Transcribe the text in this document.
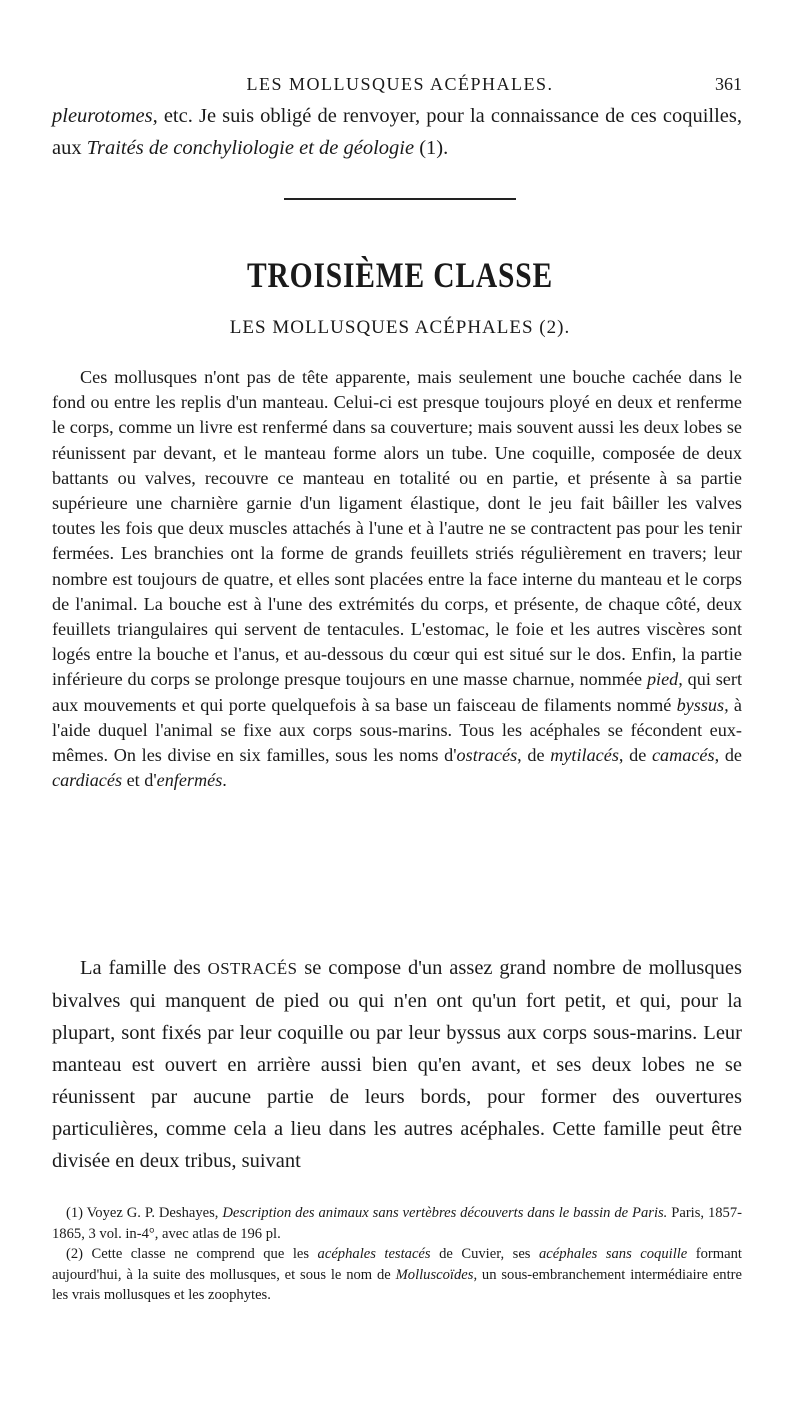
LES MOLLUSQUES ACÉPHALES.	361
pleurotomes, etc. Je suis obligé de renvoyer, pour la connaissance de ces coquilles, aux Traités de conchyliologie et de géologie (1).
TROISIÈME CLASSE
LES MOLLUSQUES ACÉPHALES (2).
Ces mollusques n'ont pas de tête apparente, mais seulement une bouche cachée dans le fond ou entre les replis d'un manteau. Celui-ci est presque toujours ployé en deux et renferme le corps, comme un livre est renfermé dans sa couverture; mais souvent aussi les deux lobes se réunissent par devant, et le manteau forme alors un tube. Une coquille, composée de deux battants ou valves, recouvre ce manteau en totalité ou en partie, et présente à sa partie supérieure une charnière garnie d'un ligament élastique, dont le jeu fait bâiller les valves toutes les fois que deux muscles attachés à l'une et à l'autre ne se contractent pas pour les tenir fermées. Les branchies ont la forme de grands feuillets striés régulièrement en travers; leur nombre est toujours de quatre, et elles sont placées entre la face interne du manteau et le corps de l'animal. La bouche est à l'une des extrémités du corps, et présente, de chaque côté, deux feuillets triangulaires qui servent de tentacules. L'estomac, le foie et les autres viscères sont logés entre la bouche et l'anus, et au-dessous du cœur qui est situé sur le dos. Enfin, la partie inférieure du corps se prolonge presque toujours en une masse charnue, nommée pied, qui sert aux mouvements et qui porte quelquefois à sa base un faisceau de filaments nommé byssus, à l'aide duquel l'animal se fixe aux corps sous-marins. Tous les acéphales se fécondent eux-mêmes. On les divise en six familles, sous les noms d'ostracés, de mytilacés, de camacés, de cardiacés et d'enfermés.
La famille des OSTRACÉS se compose d'un assez grand nombre de mollusques bivalves qui manquent de pied ou qui n'en ont qu'un fort petit, et qui, pour la plupart, sont fixés par leur coquille ou par leur byssus aux corps sous-marins. Leur manteau est ouvert en arrière aussi bien qu'en avant, et ses deux lobes ne se réunissent par aucune partie de leurs bords, pour former des ouvertures particulières, comme cela a lieu dans les autres acéphales. Cette famille peut être divisée en deux tribus, suivant
(1) Voyez G. P. Deshayes, Description des animaux sans vertèbres découverts dans le bassin de Paris. Paris, 1857-1865, 3 vol. in-4°, avec atlas de 196 pl.
(2) Cette classe ne comprend que les acéphales testacés de Cuvier, ses acéphales sans coquille formant aujourd'hui, à la suite des mollusques, et sous le nom de Molluscoïdes, un sous-embranchement intermédiaire entre les vrais mollusques et les zoophytes.
